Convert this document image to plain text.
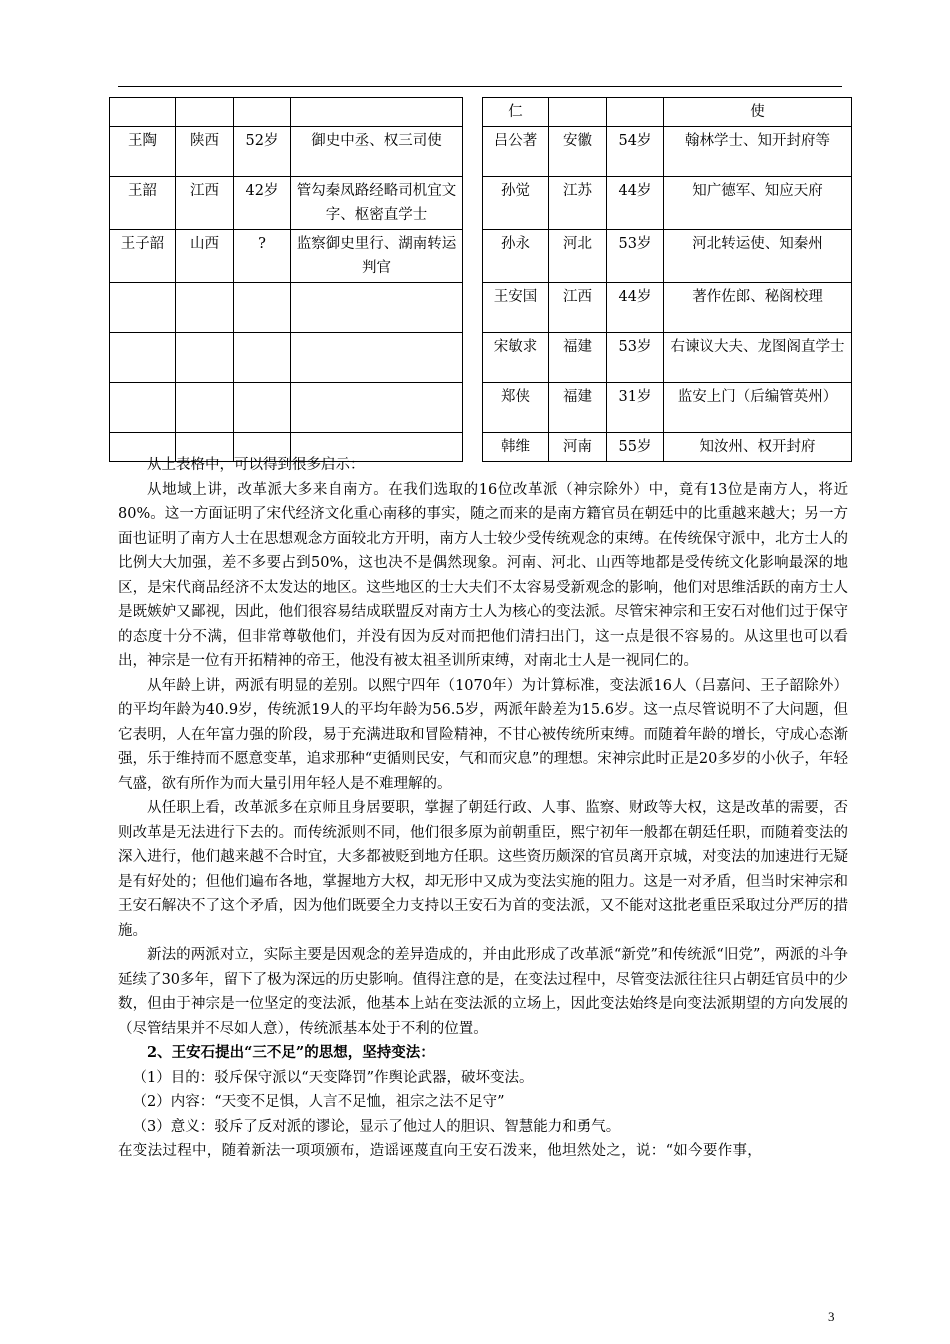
					仁			使
王陶	陕西	52岁	御史中丞、权三司使		吕公著	安徽	54岁	翰林学士、知开封府等
王韶	江西	42岁	管勾秦凤路经略司机宜文字、枢密直学士		孙觉	江苏	44岁	知广德军、知应天府
王子韶	山西	?	监察御史里行、湖南转运判官		孙永	河北	53岁	河北转运使、知秦州
					王安国	江西	44岁	著作佐郎、秘阁校理
					宋敏求	福建	53岁	右谏议大夫、龙图阁直学士
					郑侠	福建	31岁	监安上门（后编管英州）
					韩维	河南	55岁	知汝州、权开封府

从上表格中，可以得到很多启示：

从地域上讲，改革派大多来自南方。在我们选取的16位改革派（神宗除外）中，竟有13位是南方人，将近80%。这一方面证明了宋代经济文化重心南移的事实，随之而来的是南方籍官员在朝廷中的比重越来越大；另一方面也证明了南方人士在思想观念方面较北方开明，南方人士较少受传统观念的束缚。在传统保守派中，北方士人的比例大大加强，差不多要占到50%，这也决不是偶然现象。河南、河北、山西等地都是受传统文化影响最深的地区，是宋代商品经济不太发达的地区。这些地区的士大夫们不太容易受新观念的影响，他们对思维活跃的南方士人是既嫉妒又鄙视，因此，他们很容易结成联盟反对南方士人为核心的变法派。尽管宋神宗和王安石对他们过于保守的态度十分不满，但非常尊敬他们，并没有因为反对而把他们清扫出门，这一点是很不容易的。从这里也可以看出，神宗是一位有开拓精神的帝王，他没有被太祖圣训所束缚，对南北士人是一视同仁的。

从年龄上讲，两派有明显的差别。以熙宁四年（1070年）为计算标准，变法派16人（吕嘉问、王子韶除外）的平均年龄为40.9岁，传统派19人的平均年龄为56.5岁，两派年龄差为15.6岁。这一点尽管说明不了大问题，但它表明，人在年富力强的阶段，易于充满进取和冒险精神，不甘心被传统所束缚。而随着年龄的增长，守成心态渐强，乐于维持而不愿意变革，追求那种“吏循则民安，气和而灾息”的理想。宋神宗此时正是20多岁的小伙子，年轻气盛，欲有所作为而大量引用年轻人是不难理解的。

从任职上看，改革派多在京师且身居要职，掌握了朝廷行政、人事、监察、财政等大权，这是改革的需要，否则改革是无法进行下去的。而传统派则不同，他们很多原为前朝重臣，熙宁初年一般都在朝廷任职，而随着变法的深入进行，他们越来越不合时宜，大多都被贬到地方任职。这些资历颇深的官员离开京城，对变法的加速进行无疑是有好处的；但他们遍布各地，掌握地方大权，却无形中又成为变法实施的阻力。这是一对矛盾，但当时宋神宗和王安石解决不了这个矛盾，因为他们既要全力支持以王安石为首的变法派，又不能对这批老重臣采取过分严厉的措施。

新法的两派对立，实际主要是因观念的差异造成的，并由此形成了改革派“新党”和传统派“旧党”，两派的斗争延续了30多年，留下了极为深远的历史影响。值得注意的是，在变法过程中，尽管变法派往往只占朝廷官员中的少数，但由于神宗是一位坚定的变法派，他基本上站在变法派的立场上，因此变法始终是向变法派期望的方向发展的（尽管结果并不尽如人意），传统派基本处于不利的位置。

2、王安石提出“三不足”的思想，坚持变法：

（1）目的：驳斥保守派以“天变降罚”作舆论武器，破坏变法。

（2）内容：“天变不足惧，人言不足恤，祖宗之法不足守”

（3）意义：驳斥了反对派的谬论，显示了他过人的胆识、智慧能力和勇气。

在变法过程中，随着新法一项项颁布，造谣诬蔑直向王安石泼来，他坦然处之，说：“如今要作事，

3
